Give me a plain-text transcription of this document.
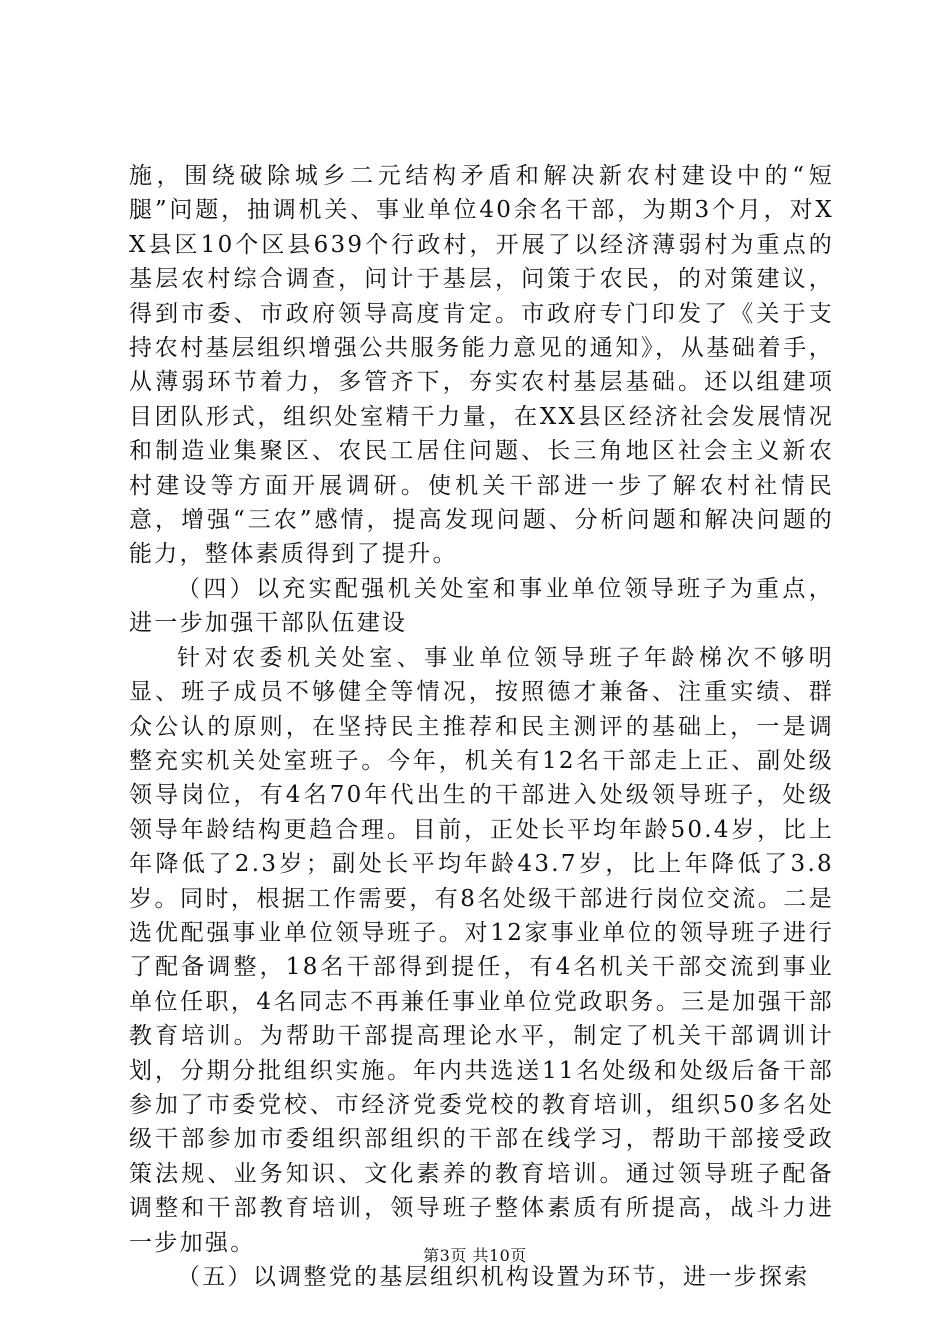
施，围绕破除城乡二元结构矛盾和解决新农村建设中的“短腿”问题，抽调机关、事业单位40余名干部，为期3个月，对XX县区10个区县639个行政村，开展了以经济薄弱村为重点的基层农村综合调查，问计于基层，问策于农民，的对策建议，得到市委、市政府领导高度肯定。市政府专门印发了《关于支持农村基层组织增强公共服务能力意见的通知》，从基础着手，从薄弱环节着力，多管齐下，夯实农村基层基础。还以组建项目团队形式，组织处室精干力量，在XX县区经济社会发展情况和制造业集聚区、农民工居住问题、长三角地区社会主义新农村建设等方面开展调研。使机关干部进一步了解农村社情民意，增强“三农”感情，提高发现问题、分析问题和解决问题的能力，整体素质得到了提升。

（四）以充实配强机关处室和事业单位领导班子为重点，进一步加强干部队伍建设

针对农委机关处室、事业单位领导班子年龄梯次不够明显、班子成员不够健全等情况，按照德才兼备、注重实绩、群众公认的原则，在坚持民主推荐和民主测评的基础上，一是调整充实机关处室班子。今年，机关有12名干部走上正、副处级领导岗位，有4名70年代出生的干部进入处级领导班子，处级领导年龄结构更趋合理。目前，正处长平均年龄50.4岁，比上年降低了2.3岁；副处长平均年龄43.7岁，比上年降低了3.8岁。同时，根据工作需要，有8名处级干部进行岗位交流。二是选优配强事业单位领导班子。对12家事业单位的领导班子进行了配备调整，18名干部得到提任，有4名机关干部交流到事业单位任职，4名同志不再兼任事业单位党政职务。三是加强干部教育培训。为帮助干部提高理论水平，制定了机关干部调训计划，分期分批组织实施。年内共选送11名处级和处级后备干部参加了市委党校、市经济党委党校的教育培训，组织50多名处级干部参加市委组织部组织的干部在线学习，帮助干部接受政策法规、业务知识、文化素养的教育培训。通过领导班子配备调整和干部教育培训，领导班子整体素质有所提高，战斗力进一步加强。

（五）以调整党的基层组织机构设置为环节，进一步探索

第3页 共10页
